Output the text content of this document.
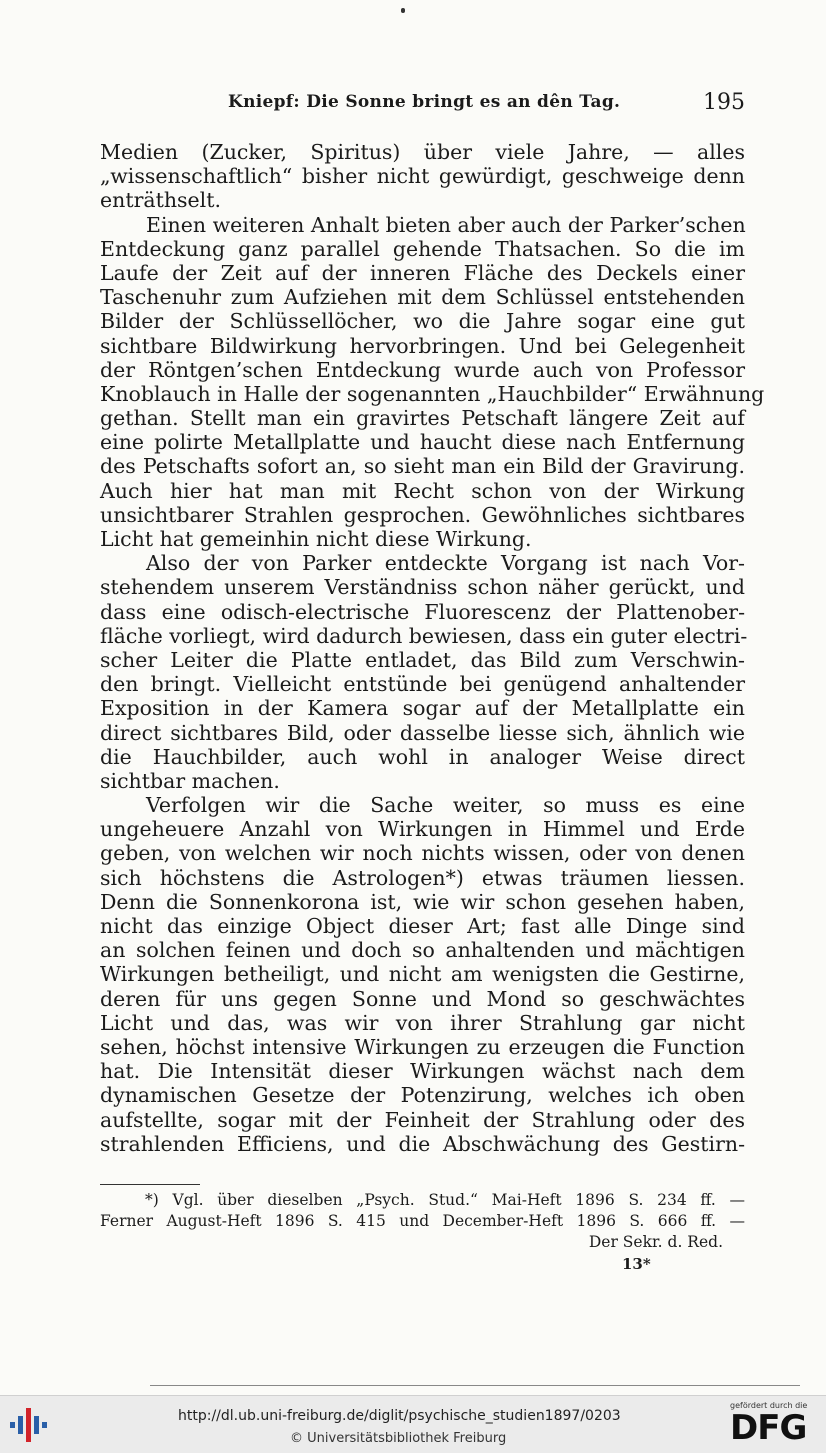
Kniepf: Die Sonne bringt es an dên Tag.	195
Medien (Zucker, Spiritus) über viele Jahre, — alles
„wissenschaftlich“ bisher nicht gewürdigt, geschweige denn
enträthselt.
Einen weiteren Anhalt bieten aber auch der Parker’schen
Entdeckung ganz parallel gehende Thatsachen. So die im
Laufe der Zeit auf der inneren Fläche des Deckels einer
Taschenuhr zum Aufziehen mit dem Schlüssel entstehenden
Bilder der Schlüssellöcher, wo die Jahre sogar eine gut
sichtbare Bildwirkung hervorbringen. Und bei Gelegenheit
der Röntgen’schen Entdeckung wurde auch von Professor
Knoblauch in Halle der sogenannten „Hauchbilder“ Erwähnung
gethan. Stellt man ein gravirtes Petschaft längere Zeit auf
eine polirte Metallplatte und haucht diese nach Entfernung
des Petschafts sofort an, so sieht man ein Bild der Gravirung.
Auch hier hat man mit Recht schon von der Wirkung
unsichtbarer Strahlen gesprochen. Gewöhnliches sichtbares
Licht hat gemeinhin nicht diese Wirkung.
Also der von Parker entdeckte Vorgang ist nach Vor-
stehendem unserem Verständniss schon näher gerückt, und
dass eine odisch-electrische Fluorescenz der Plattenober-
fläche vorliegt, wird dadurch bewiesen, dass ein guter electri-
scher Leiter die Platte entladet, das Bild zum Verschwin-
den bringt. Vielleicht entstünde bei genügend anhaltender
Exposition in der Kamera sogar auf der Metallplatte ein
direct sichtbares Bild, oder dasselbe liesse sich, ähnlich wie
die Hauchbilder, auch wohl in analoger Weise direct
sichtbar machen.
Verfolgen wir die Sache weiter, so muss es eine
ungeheuere Anzahl von Wirkungen in Himmel und Erde
geben, von welchen wir noch nichts wissen, oder von denen
sich höchstens die Astrologen*) etwas träumen liessen.
Denn die Sonnenkorona ist, wie wir schon gesehen haben,
nicht das einzige Object dieser Art; fast alle Dinge sind
an solchen feinen und doch so anhaltenden und mächtigen
Wirkungen betheiligt, und nicht am wenigsten die Gestirne,
deren für uns gegen Sonne und Mond so geschwächtes
Licht und das, was wir von ihrer Strahlung gar nicht
sehen, höchst intensive Wirkungen zu erzeugen die Function
hat. Die Intensität dieser Wirkungen wächst nach dem
dynamischen Gesetze der Potenzirung, welches ich oben
aufstellte, sogar mit der Feinheit der Strahlung oder des
strahlenden Efficiens, und die Abschwächung des Gestirn-
*) Vgl. über dieselben „Psych. Stud.“ Mai-Heft 1896 S. 234 ff. —
Ferner August-Heft 1896 S. 415 und December-Heft 1896 S. 666 ff. —
Der Sekr. d. Red.
13*
http://dl.ub.uni-freiburg.de/diglit/psychische_studien1897/0203
© Universitätsbibliothek Freiburg
gefördert durch die
DFG
